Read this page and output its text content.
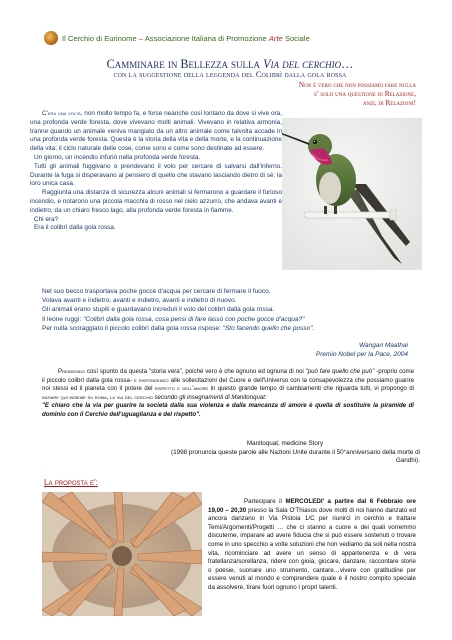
Il Cerchio di Eurinome – Associazione Italiana di Promozione Arte Sociale
Camminare in Bellezza sulla Via del cerchio…
con la suggestione della leggenda del Colibrì dalla gola rossa
Non è vero che non possiamo fare nulla
e' solo una questione di Relazione,
anzi, di Relazioni!

C'era una volta, non molto tempo fa, e forse neanche così lontano da dove si vive ora, una profonda verde foresta, dove vivevano molti animali. Vivevano in relativa armonia, tranne quando un animale veniva mangiato da un altro animale come talvolta accade in una profonda verde foresta. Questa è la storia della vita e della morte, e la continuazione della vita; il ciclo naturale delle cose, come sono e come sono destinate ad essere.

Un giorno, un incendio infuriò nella profonda verde foresta.

Tutti gli animali fuggivano o prendevano il volo per cercare di salvarsi dall'inferno. Durante la fuga si disperavano al pensiero di quello che stavano lasciando dietro di sé: la loro unica casa.

Raggiunta una distanza di sicurezza alcuni animali si fermarono a guardare il furioso incendio, e notarono una piccola macchia di rosso nel cielo azzurro, che andava avanti e indietro, da un chiaro fresco lago, alla profonda verde foresta in fiamme.

Chi era?

Era il colibrì dalla gola rossa.

Nel suo becco trasportava poche gocce d'acqua per cercare di fermare il fuoco.

Volava avanti e indietro, avanti e indietro, avanti e indietro di nuovo.

Gli animali erano stupiti e guardavano increduli il volo del colibrì dalla gola rossa.

Il leone ruggì: "Colibrì dalla gola rossa, cosa pensi di fare lassù con poche gocce d'acqua?"

Per nulla scoraggiato il piccolo colibrì dalla gola rossa rispose: "Sto facendo quello che posso".

Wangari Maathai
Premio Nobel per la Pace, 2004

Prendendo così spunto da questa "storia vera", poiché vero è che ognuno ed ognuna di noi "può fare quello che può" -proprio come il piccolo colibrì dalla gola rossa- e rispondendo alle sollecitazioni del Cuore e dell'Universo con la consapevolezza che possiamo guarire noi stessi ed il pianeta con il potere del rispetto e dell'amore in questo grande tempo di cambiamenti che riguarda tutti, vi propongo di iniziare qui insieme su roma, la via del cerchio secondo gli insegnamenti di Manitonquat:

"E chiaro che la via per guarire la società dalla sua violenza e dalla mancanza di amore è quella di sostituire la piramide di dominio con il Cerchio dell'uguaglianza e del rispetto".

Manitoquat, medicine Story
(1998 pronuncia queste parole alle Nazioni Unite durante il 50°anniversario della morte di Gandhi).
La proposta e':
Partecipare il MERCOLEDI' a partire dal 6 Febbraio ore 19,00 – 20,30 presso la Sala O'Thiasos dove molti di noi hanno danzato ed ancora danzano in Via Pistoia 1/C per riunirci in cerchio e trattare Temi/Argomenti/Progetti … che ci stanno a cuore e dei quali vorremmo discuterne, imparare ad avere fiducia che si può essere sostenuti o trovare come in uno specchio a volte soluzioni che non vediamo da soli nella nostra vita, ricominciare ad avere un senso di appartenenza e di vera fratellanza/sorellanza, ridere con gioia, giocare, danzare, raccontare storie o poesie, suonare uno strumento, cantare…vivere con gratitudine per essere venuti al mondo e comprendere quale è il nostro compito speciale da assolvere, tirare fuori ognuno i propri talenti.
